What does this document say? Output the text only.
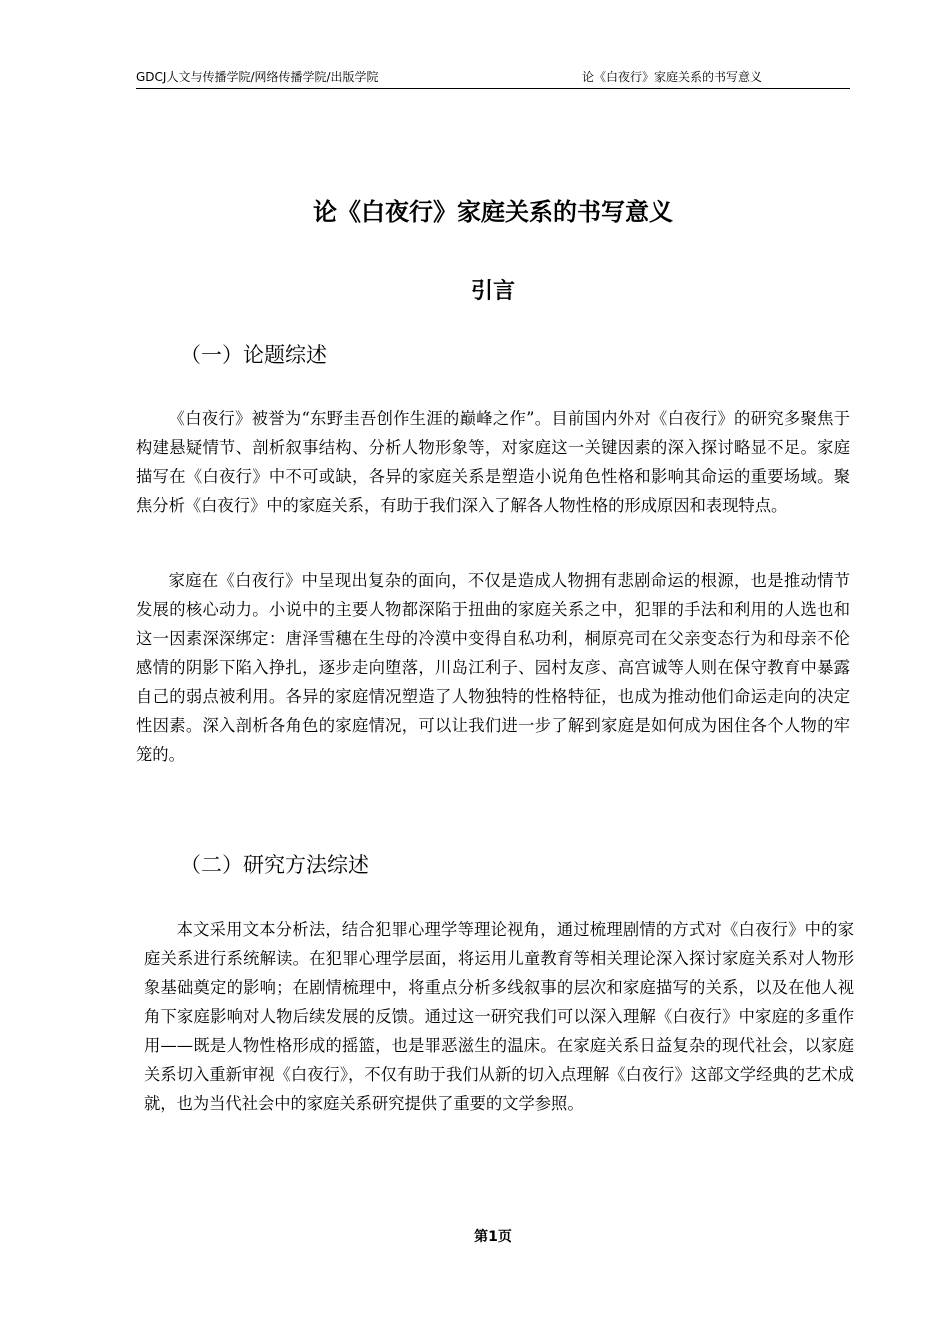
GDCJ人文与传播学院/网络传播学院/出版学院	论《白夜行》家庭关系的书写意义
论《白夜行》家庭关系的书写意义
引言
（一）论题综述

《白夜行》被誉为“东野圭吾创作生涯的巅峰之作”。目前国内外对《白夜行》的研究多聚焦于构建悬疑情节、剖析叙事结构、分析人物形象等，对家庭这一关键因素的深入探讨略显不足。家庭描写在《白夜行》中不可或缺，各异的家庭关系是塑造小说角色性格和影响其命运的重要场域。聚焦分析《白夜行》中的家庭关系，有助于我们深入了解各人物性格的形成原因和表现特点。

家庭在《白夜行》中呈现出复杂的面向，不仅是造成人物拥有悲剧命运的根源，也是推动情节发展的核心动力。小说中的主要人物都深陷于扭曲的家庭关系之中，犯罪的手法和利用的人选也和这一因素深深绑定：唐泽雪穗在生母的冷漠中变得自私功利，桐原亮司在父亲变态行为和母亲不伦感情的阴影下陷入挣扎，逐步走向堕落，川岛江利子、园村友彦、高宫诚等人则在保守教育中暴露自己的弱点被利用。各异的家庭情况塑造了人物独特的性格特征，也成为推动他们命运走向的决定性因素。深入剖析各角色的家庭情况，可以让我们进一步了解到家庭是如何成为困住各个人物的牢笼的。

（二）研究方法综述

本文采用文本分析法，结合犯罪心理学等理论视角，通过梳理剧情的方式对《白夜行》中的家庭关系进行系统解读。在犯罪心理学层面，将运用儿童教育等相关理论深入探讨家庭关系对人物形象基础奠定的影响；在剧情梳理中，将重点分析多线叙事的层次和家庭描写的关系，以及在他人视角下家庭影响对人物后续发展的反馈。通过这一研究我们可以深入理解《白夜行》中家庭的多重作用——既是人物性格形成的摇篮，也是罪恶滋生的温床。在家庭关系日益复杂的现代社会，以家庭关系切入重新审视《白夜行》，不仅有助于我们从新的切入点理解《白夜行》这部文学经典的艺术成就，也为当代社会中的家庭关系研究提供了重要的文学参照。

第1页
